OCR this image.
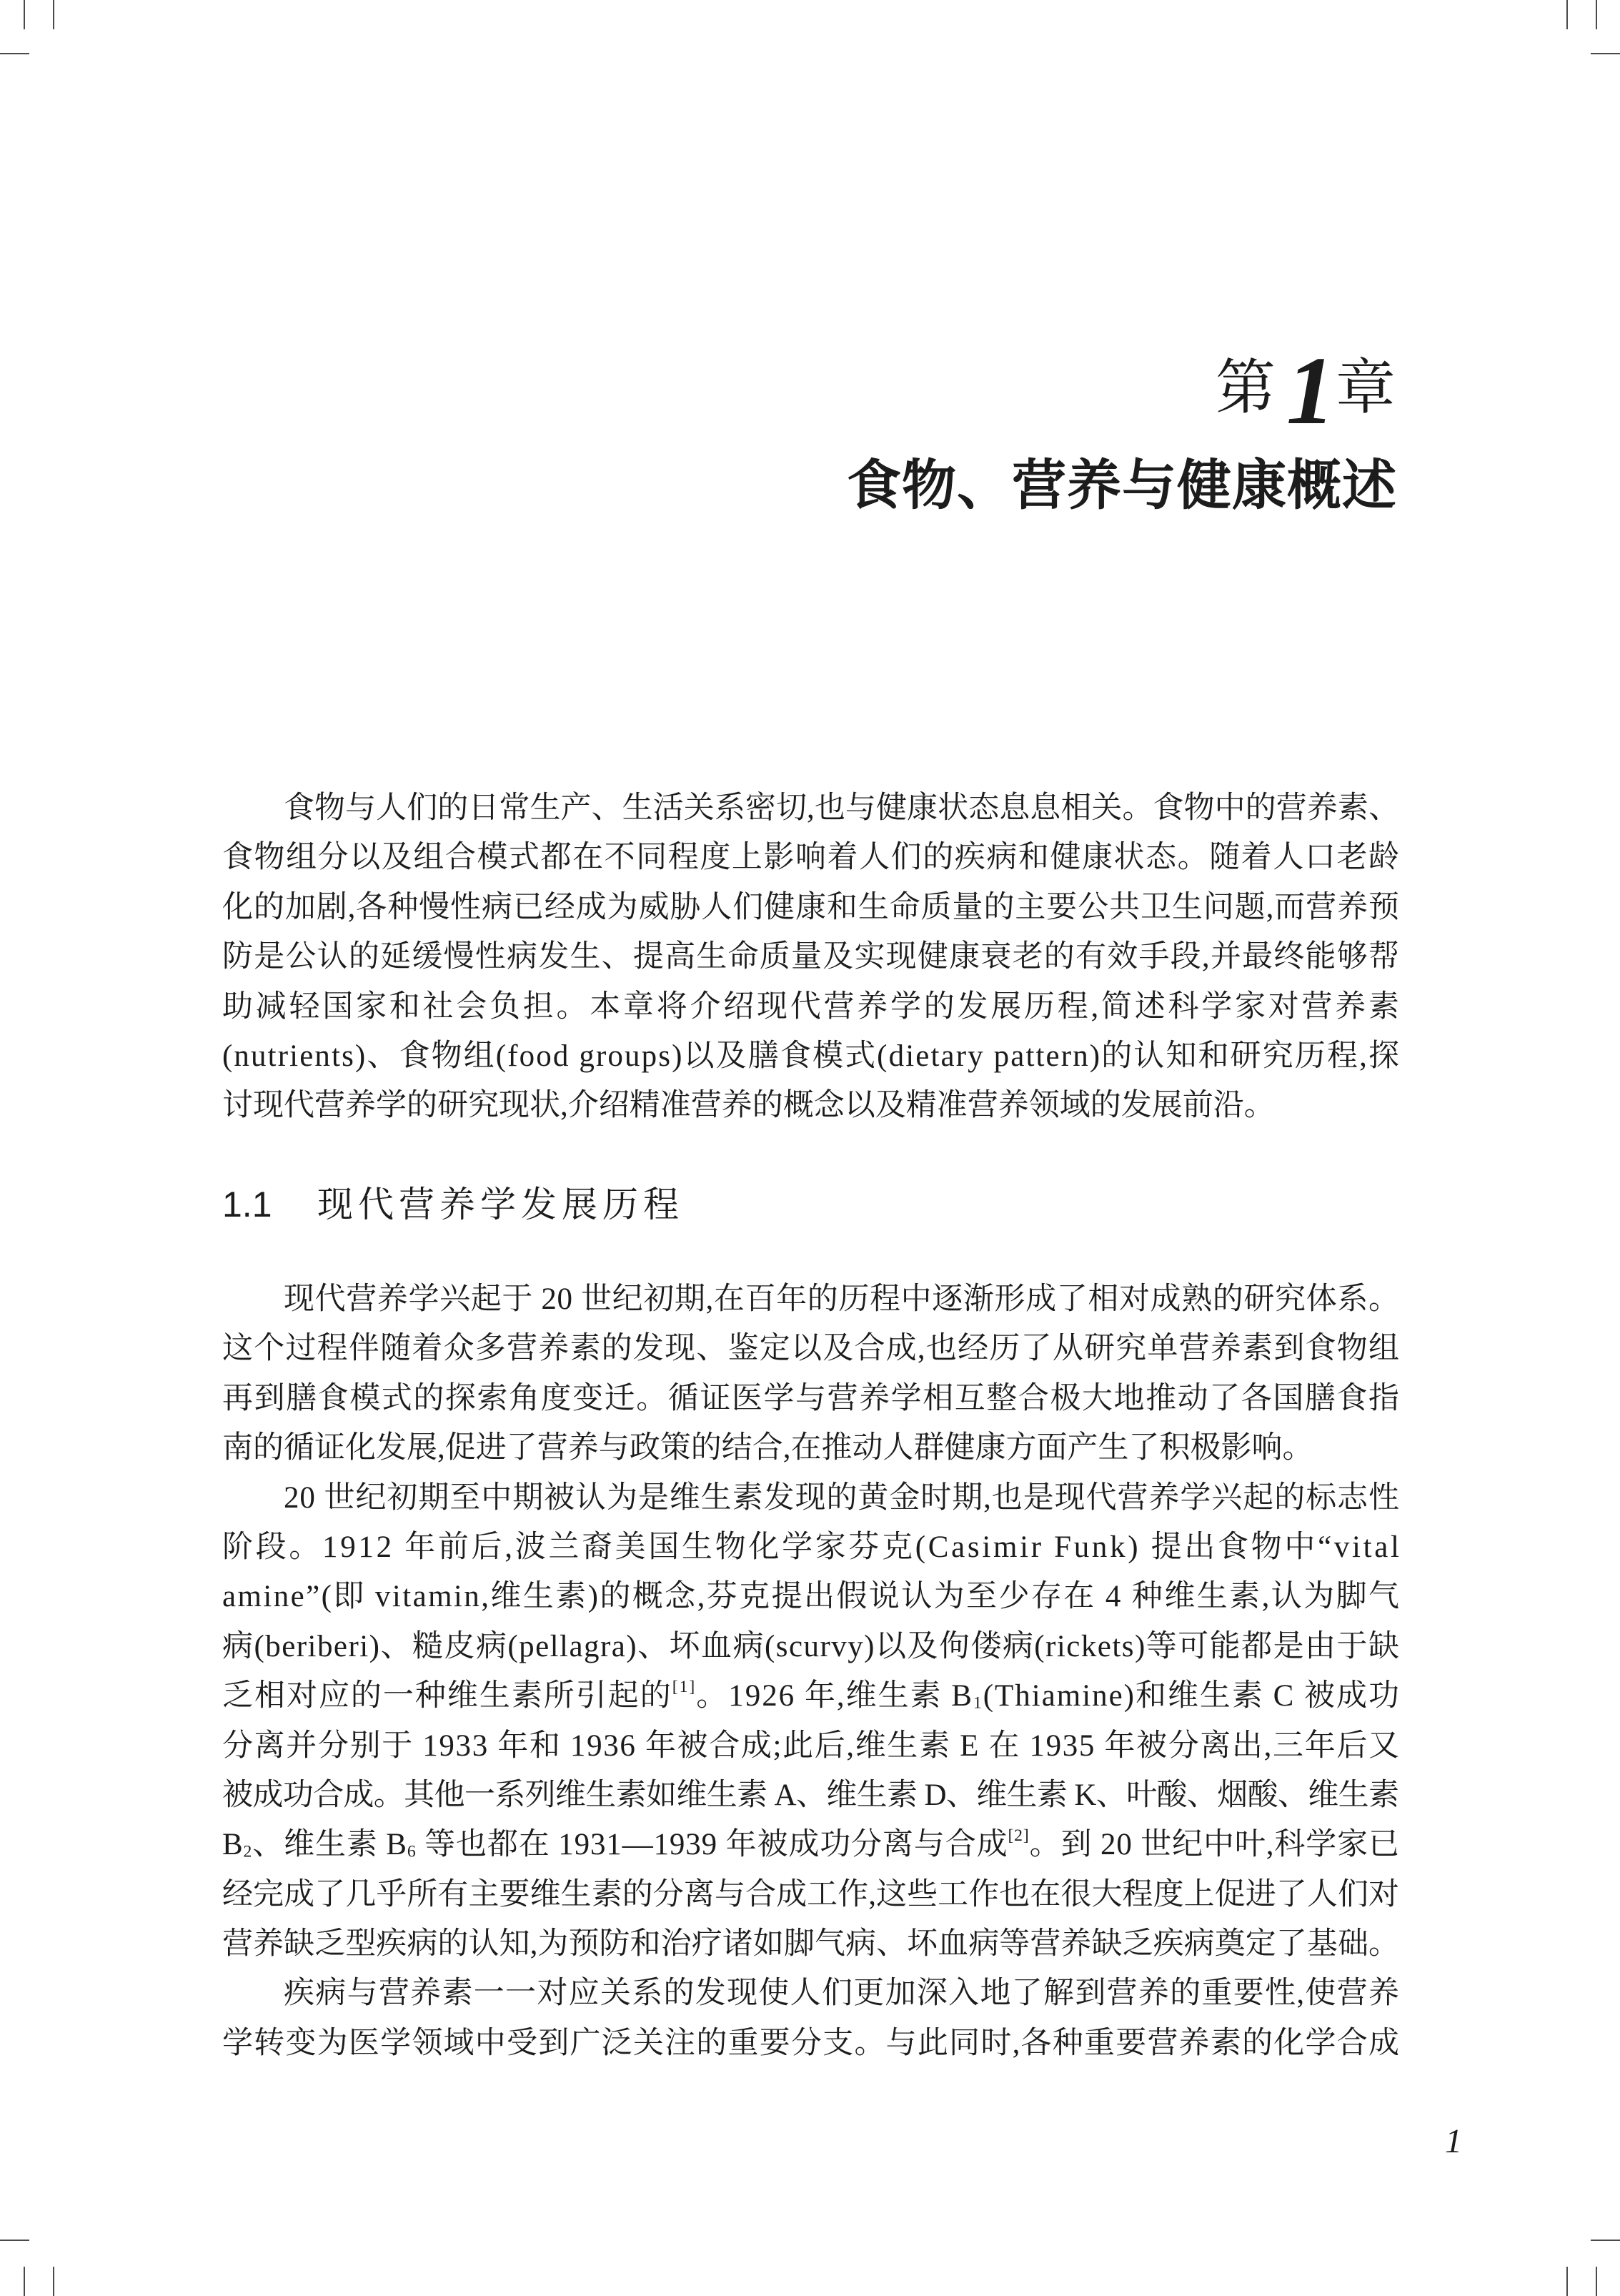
第 1 章
食物、营养与健康概述
食物与人们的日常生产、生活关系密切,也与健康状态息息相关。食物中的营养素、
食物组分以及组合模式都在不同程度上影响着人们的疾病和健康状态。随着人口老龄
化的加剧,各种慢性病已经成为威胁人们健康和生命质量的主要公共卫生问题,而营养预
防是公认的延缓慢性病发生、提高生命质量及实现健康衰老的有效手段,并最终能够帮
助减轻国家和社会负担。本章将介绍现代营养学的发展历程,简述科学家对营养素
(nutrients)、食物组(food groups)以及膳食模式(dietary pattern)的认知和研究历程,探
讨现代营养学的研究现状,介绍精准营养的概念以及精准营养领域的发展前沿。
1.1 现代营养学发展历程
现代营养学兴起于 20 世纪初期,在百年的历程中逐渐形成了相对成熟的研究体系。
这个过程伴随着众多营养素的发现、鉴定以及合成,也经历了从研究单营养素到食物组
再到膳食模式的探索角度变迁。循证医学与营养学相互整合极大地推动了各国膳食指
南的循证化发展,促进了营养与政策的结合,在推动人群健康方面产生了积极影响。
20 世纪初期至中期被认为是维生素发现的黄金时期,也是现代营养学兴起的标志性
阶段。1912 年前后,波兰裔美国生物化学家芬克(Casimir Funk) 提出食物中“vital
amine”(即 vitamin,维生素)的概念,芬克提出假说认为至少存在 4 种维生素,认为脚气
病(beriberi)、糙皮病(pellagra)、坏血病(scurvy)以及佝偻病(rickets)等可能都是由于缺
乏相对应的一种维生素所引起的[1]。1926 年,维生素 $B_1(Thiamine)$和维生素 C 被成功
分离并分别于 1933 年和 1936 年被合成;此后,维生素 E 在 1935 年被分离出,三年后又
被成功合成。其他一系列维生素如维生素 A、维生素 D、维生素 K、叶酸、烟酸、维生素
$B_2$、维生素 $B_6$ 等也都在 1931—1939 年被成功分离与合成[2]。到 20 世纪中叶,科学家已
经完成了几乎所有主要维生素的分离与合成工作,这些工作也在很大程度上促进了人们对
营养缺乏型疾病的认知,为预防和治疗诸如脚气病、坏血病等营养缺乏疾病奠定了基础。
疾病与营养素一一对应关系的发现使人们更加深入地了解到营养的重要性,使营养
学转变为医学领域中受到广泛关注的重要分支。与此同时,各种重要营养素的化学合成
1
